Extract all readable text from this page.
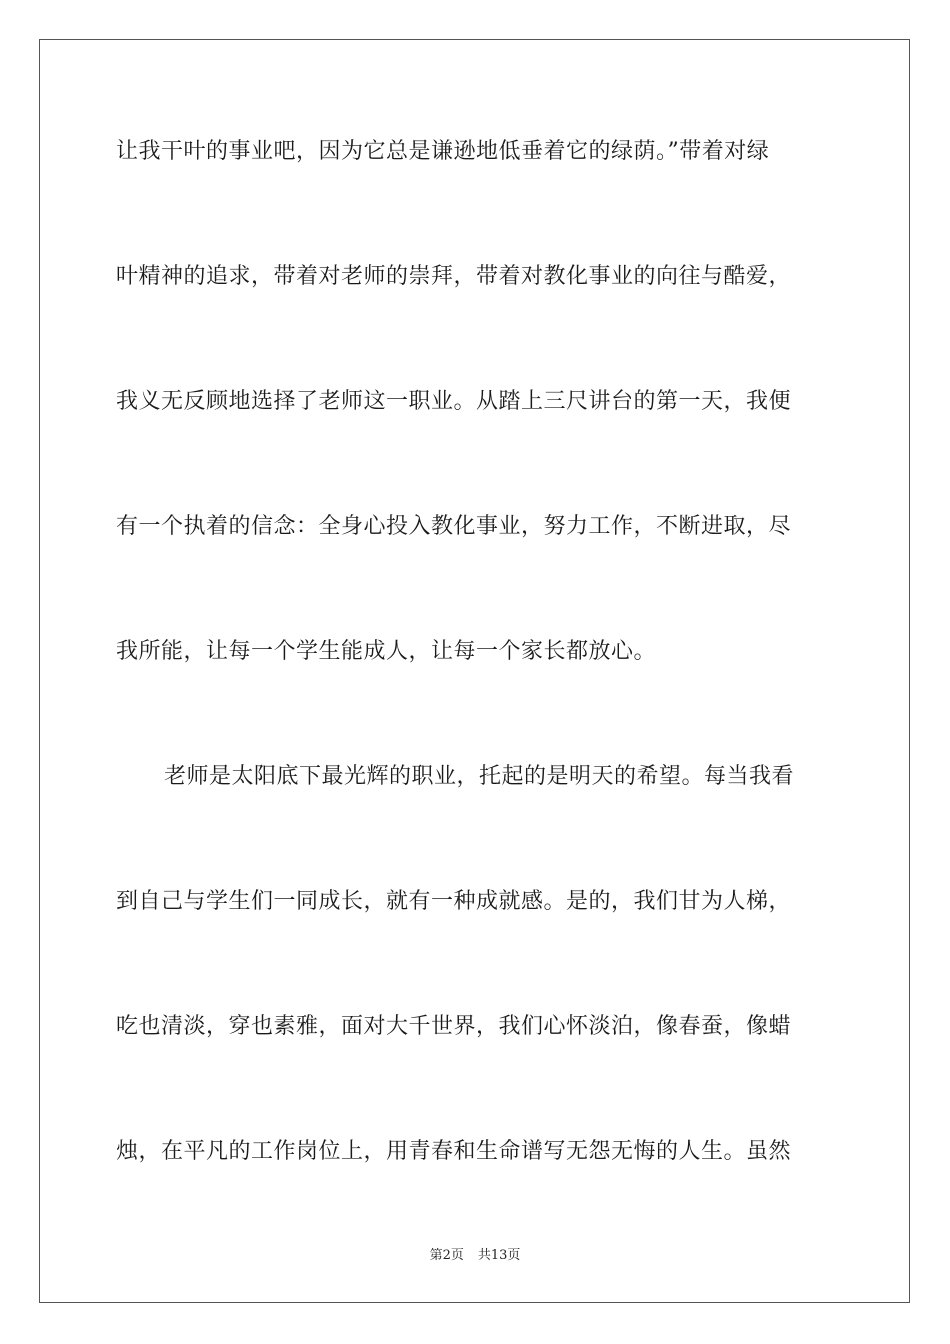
让我干叶的事业吧，因为它总是谦逊地低垂着它的绿荫。”带着对绿
叶精神的追求，带着对老师的崇拜，带着对教化事业的向往与酷爱，
我义无反顾地选择了老师这一职业。从踏上三尺讲台的第一天，我便
有一个执着的信念：全身心投入教化事业，努力工作，不断进取，尽
我所能，让每一个学生能成人，让每一个家长都放心。
老师是太阳底下最光辉的职业，托起的是明天的希望。每当我看
到自己与学生们一同成长，就有一种成就感。是的，我们甘为人梯，
吃也清淡，穿也素雅，面对大千世界，我们心怀淡泊，像春蚕，像蜡
烛，在平凡的工作岗位上，用青春和生命谱写无怨无悔的人生。虽然
第2页 共13页
